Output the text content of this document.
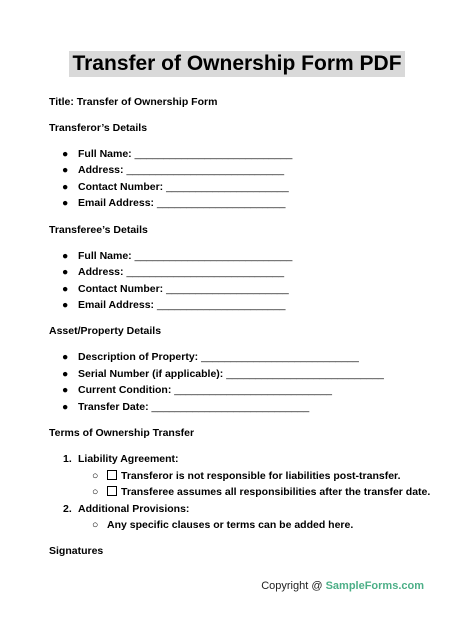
Transfer of Ownership Form PDF
Title: Transfer of Ownership Form
Transferor’s Details
● Full Name: ___________________________
● Address: ___________________________
● Contact Number: _____________________
● Email Address: ______________________
Transferee’s Details
● Full Name: ___________________________
● Address: ___________________________
● Contact Number: _____________________
● Email Address: ______________________
Asset/Property Details
● Description of Property: ___________________________
● Serial Number (if applicable): ___________________________
● Current Condition: ___________________________
● Transfer Date: ___________________________
Terms of Ownership Transfer
1. Liability Agreement:
○ Transferor is not responsible for liabilities post-transfer.
○ Transferee assumes all responsibilities after the transfer date.
2. Additional Provisions:
○ Any specific clauses or terms can be added here.
Signatures
Copyright @ SampleForms.com
